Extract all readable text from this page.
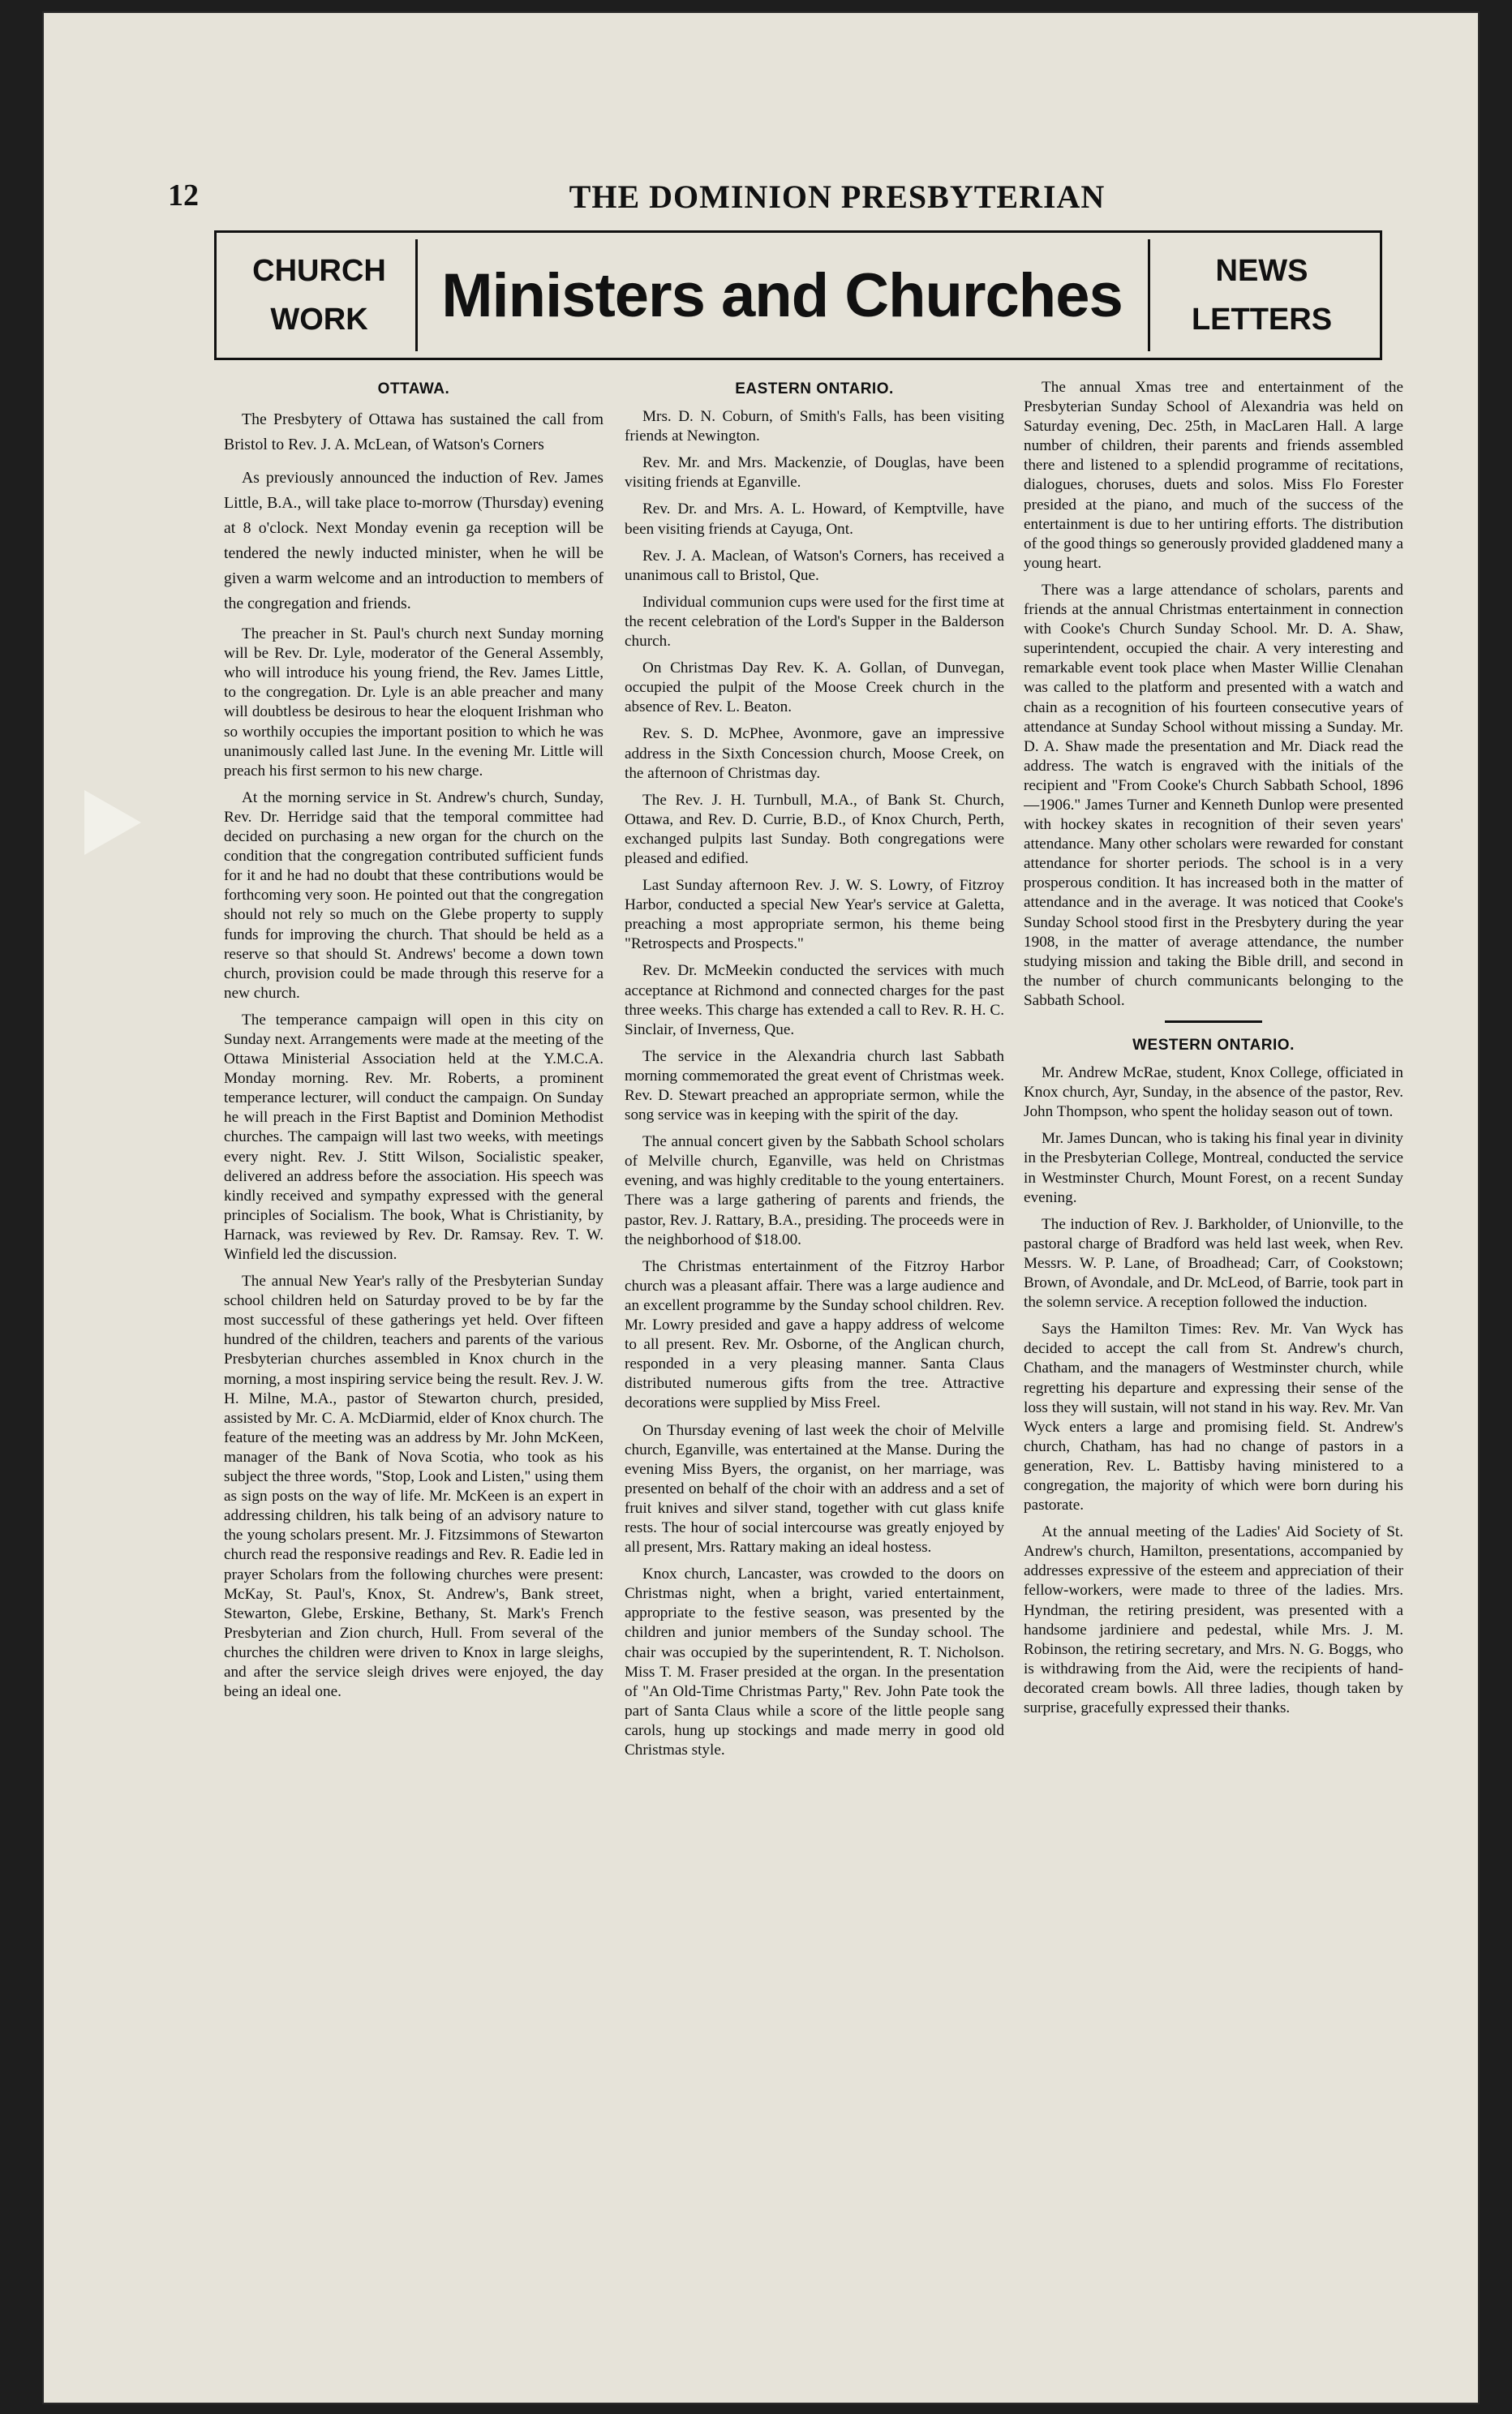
12	THE DOMINION PRESBYTERIAN
CHURCH
WORK	Ministers and Churches	NEWS
LETTERS
OTTAWA.

The Presbytery of Ottawa has sustained the call from Bristol to Rev. J. A. McLean, of Watson's Corners

As previously announced the induction of Rev. James Little, B.A., will take place to-morrow (Thursday) evening at 8 o'clock. Next Monday evenin ga reception will be tendered the newly inducted minister, when he will be given a warm welcome and an introduction to members of the congregation and friends.

The preacher in St. Paul's church next Sunday morning will be Rev. Dr. Lyle, moderator of the General Assembly, who will introduce his young friend, the Rev. James Little, to the congregation. Dr. Lyle is an able preacher and many will doubtless be desirous to hear the eloquent Irishman who so worthily occupies the important position to which he was unanimously called last June. In the evening Mr. Little will preach his first sermon to his new charge.

At the morning service in St. Andrew's church, Sunday, Rev. Dr. Herridge said that the temporal committee had decided on purchasing a new organ for the church on the condition that the congregation contributed sufficient funds for it and he had no doubt that these contributions would be forthcoming very soon. He pointed out that the congregation should not rely so much on the Glebe property to supply funds for improving the church. That should be held as a reserve so that should St. Andrews' become a down town church, provision could be made through this reserve for a new church.

The temperance campaign will open in this city on Sunday next. Arrangements were made at the meeting of the Ottawa Ministerial Association held at the Y.M.C.A. Monday morning. Rev. Mr. Roberts, a prominent temperance lecturer, will conduct the campaign. On Sunday he will preach in the First Baptist and Dominion Methodist churches. The campaign will last two weeks, with meetings every night. Rev. J. Stitt Wilson, Socialistic speaker, delivered an address before the association. His speech was kindly received and sympathy expressed with the general principles of Socialism. The book, What is Christianity, by Harnack, was reviewed by Rev. Dr. Ramsay. Rev. T. W. Winfield led the discussion.

The annual New Year's rally of the Presbyterian Sunday school children held on Saturday proved to be by far the most successful of these gatherings yet held. Over fifteen hundred of the children, teachers and parents of the various Presbyterian churches assembled in Knox church in the morning, a most inspiring service being the result. Rev. J. W. H. Milne, M.A., pastor of Stewarton church, presided, assisted by Mr. C. A. McDiarmid, elder of Knox church. The feature of the meeting was an address by Mr. John McKeen, manager of the Bank of Nova Scotia, who took as his subject the three words, "Stop, Look and Listen," using them as sign posts on the way of life. Mr. McKeen is an expert in addressing children, his talk being of an advisory nature to the young scholars present. Mr. J. Fitzsimmons of Stewarton church read the responsive readings and Rev. R. Eadie led in prayer Scholars from the following churches were present: McKay, St. Paul's, Knox, St. Andrew's, Bank street, Stewarton, Glebe, Erskine, Bethany, St. Mark's French Presbyterian and Zion church, Hull. From several of the churches the children were driven to Knox in large sleighs, and after the service sleigh drives were enjoyed, the day being an ideal one.

EASTERN ONTARIO.

Mrs. D. N. Coburn, of Smith's Falls, has been visiting friends at Newington.

Rev. Mr. and Mrs. Mackenzie, of Douglas, have been visiting friends at Eganville.

Rev. Dr. and Mrs. A. L. Howard, of Kemptville, have been visiting friends at Cayuga, Ont.

Rev. J. A. Maclean, of Watson's Corners, has received a unanimous call to Bristol, Que.

Individual communion cups were used for the first time at the recent celebration of the Lord's Supper in the Balderson church.

On Christmas Day Rev. K. A. Gollan, of Dunvegan, occupied the pulpit of the Moose Creek church in the absence of Rev. L. Beaton.

Rev. S. D. McPhee, Avonmore, gave an impressive address in the Sixth Concession church, Moose Creek, on the afternoon of Christmas day.

The Rev. J. H. Turnbull, M.A., of Bank St. Church, Ottawa, and Rev. D. Currie, B.D., of Knox Church, Perth, exchanged pulpits last Sunday. Both congregations were pleased and edified.

Last Sunday afternoon Rev. J. W. S. Lowry, of Fitzroy Harbor, conducted a special New Year's service at Galetta, preaching a most appropriate sermon, his theme being "Retrospects and Prospects."

Rev. Dr. McMeekin conducted the services with much acceptance at Richmond and connected charges for the past three weeks. This charge has extended a call to Rev. R. H. C. Sinclair, of Inverness, Que.

The service in the Alexandria church last Sabbath morning commemorated the great event of Christmas week. Rev. D. Stewart preached an appropriate sermon, while the song service was in keeping with the spirit of the day.

The annual concert given by the Sabbath School scholars of Melville church, Eganville, was held on Christmas evening, and was highly creditable to the young entertainers. There was a large gathering of parents and friends, the pastor, Rev. J. Rattary, B.A., presiding. The proceeds were in the neighborhood of $18.00.

The Christmas entertainment of the Fitzroy Harbor church was a pleasant affair. There was a large audience and an excellent programme by the Sunday school children. Rev. Mr. Lowry presided and gave a happy address of welcome to all present. Rev. Mr. Osborne, of the Anglican church, responded in a very pleasing manner. Santa Claus distributed numerous gifts from the tree. Attractive decorations were supplied by Miss Freel.

On Thursday evening of last week the choir of Melville church, Eganville, was entertained at the Manse. During the evening Miss Byers, the organist, on her marriage, was presented on behalf of the choir with an address and a set of fruit knives and silver stand, together with cut glass knife rests. The hour of social intercourse was greatly enjoyed by all present, Mrs. Rattary making an ideal hostess.

Knox church, Lancaster, was crowded to the doors on Christmas night, when a bright, varied entertainment, appropriate to the festive season, was presented by the children and junior members of the Sunday school. The chair was occupied by the superintendent, R. T. Nicholson. Miss T. M. Fraser presided at the organ. In the presentation of "An Old-Time Christmas Party," Rev. John Pate took the part of Santa Claus while a score of the little people sang carols, hung up stockings and made merry in good old Christmas style.

The annual Xmas tree and entertainment of the Presbyterian Sunday School of Alexandria was held on Saturday evening, Dec. 25th, in MacLaren Hall. A large number of children, their parents and friends assembled there and listened to a splendid programme of recitations, dialogues, choruses, duets and solos. Miss Flo Forester presided at the piano, and much of the success of the entertainment is due to her untiring efforts. The distribution of the good things so generously provided gladdened many a young heart.

There was a large attendance of scholars, parents and friends at the annual Christmas entertainment in connection with Cooke's Church Sunday School. Mr. D. A. Shaw, superintendent, occupied the chair. A very interesting and remarkable event took place when Master Willie Clenahan was called to the platform and presented with a watch and chain as a recognition of his fourteen consecutive years of attendance at Sunday School without missing a Sunday. Mr. D. A. Shaw made the presentation and Mr. Diack read the address. The watch is engraved with the initials of the recipient and "From Cooke's Church Sabbath School, 1896—1906." James Turner and Kenneth Dunlop were presented with hockey skates in recognition of their seven years' attendance. Many other scholars were rewarded for constant attendance for shorter periods. The school is in a very prosperous condition. It has increased both in the matter of attendance and in the average. It was noticed that Cooke's Sunday School stood first in the Presbytery during the year 1908, in the matter of average attendance, the number studying mission and taking the Bible drill, and second in the number of church communicants belonging to the Sabbath School.

WESTERN ONTARIO.

Mr. Andrew McRae, student, Knox College, officiated in Knox church, Ayr, Sunday, in the absence of the pastor, Rev. John Thompson, who spent the holiday season out of town.

Mr. James Duncan, who is taking his final year in divinity in the Presbyterian College, Montreal, conducted the service in Westminster Church, Mount Forest, on a recent Sunday evening.

The induction of Rev. J. Barkholder, of Unionville, to the pastoral charge of Bradford was held last week, when Rev. Messrs. W. P. Lane, of Broadhead; Carr, of Cookstown; Brown, of Avondale, and Dr. McLeod, of Barrie, took part in the solemn service. A reception followed the induction.

Says the Hamilton Times: Rev. Mr. Van Wyck has decided to accept the call from St. Andrew's church, Chatham, and the managers of Westminster church, while regretting his departure and expressing their sense of the loss they will sustain, will not stand in his way. Rev. Mr. Van Wyck enters a large and promising field. St. Andrew's church, Chatham, has had no change of pastors in a generation, Rev. L. Battisby having ministered to a congregation, the majority of which were born during his pastorate.

At the annual meeting of the Ladies' Aid Society of St. Andrew's church, Hamilton, presentations, accompanied by addresses expressive of the esteem and appreciation of their fellow-workers, were made to three of the ladies. Mrs. Hyndman, the retiring president, was presented with a handsome jardiniere and pedestal, while Mrs. J. M. Robinson, the retiring secretary, and Mrs. N. G. Boggs, who is withdrawing from the Aid, were the recipients of hand-decorated cream bowls. All three ladies, though taken by surprise, gracefully expressed their thanks.
